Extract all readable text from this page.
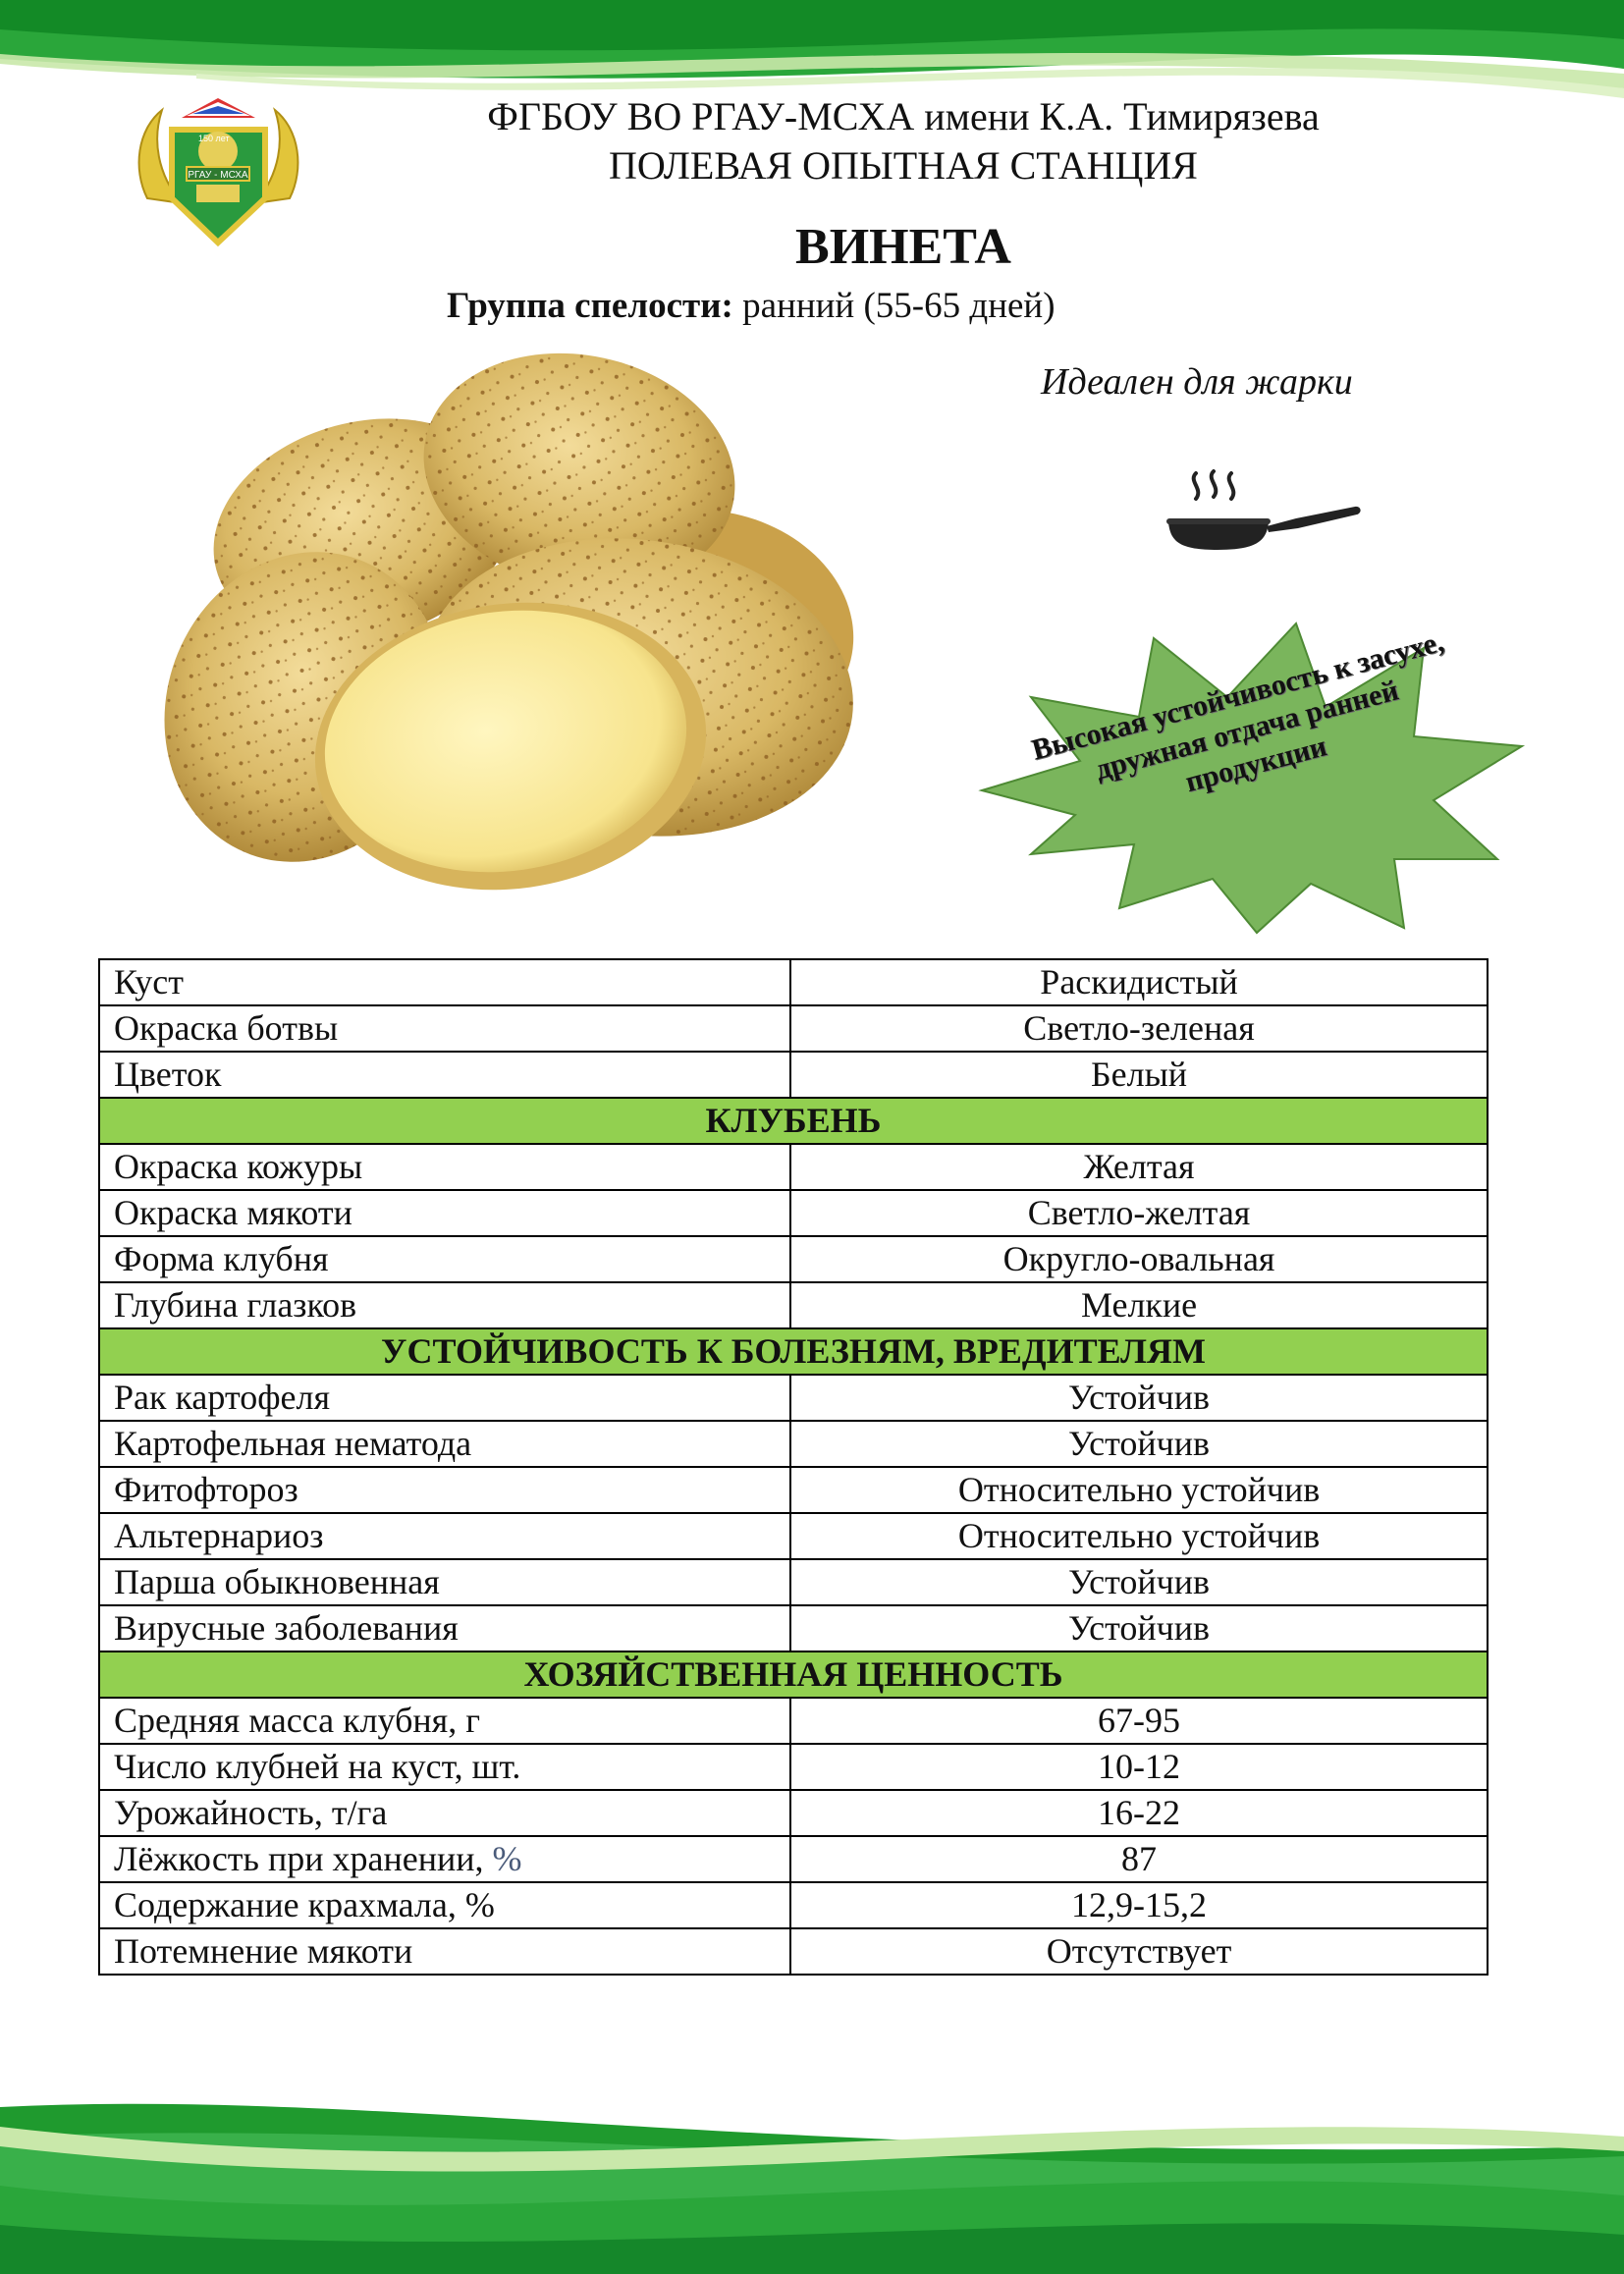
РГАУ - МСХА
150 лет	ФГБОУ ВО РГАУ-МСХА имени К.А. Тимирязева
ПОЛЕВАЯ ОПЫТНАЯ СТАНЦИЯ
ВИНЕТА
Группа спелости: ранний (55-65 дней)
Идеален для жарки
Высокая устойчивость к засухе, дружная отдача ранней продукции
Куст	Раскидистый
Окраска ботвы	Светло-зеленая
Цветок	Белый
КЛУБЕНЬ	
Окраска кожуры	Желтая
Окраска мякоти	Светло-желтая
Форма клубня	Округло-овальная
Глубина глазков	Мелкие
УСТОЙЧИВОСТЬ К БОЛЕЗНЯМ, ВРЕДИТЕЛЯМ	
Рак картофеля	Устойчив
Картофельная нематода	Устойчив
Фитофтороз	Относительно устойчив
Альтернариоз	Относительно устойчив
Парша обыкновенная	Устойчив
Вирусные заболевания	Устойчив
ХОЗЯЙСТВЕННАЯ ЦЕННОСТЬ	
Средняя масса клубня, г	67-95
Число клубней на куст, шт.	10-12
Урожайность, т/га	16-22
Лёжкость при хранении, %	87
Содержание крахмала, %	12,9-15,2
Потемнение мякоти	Отсутствует
